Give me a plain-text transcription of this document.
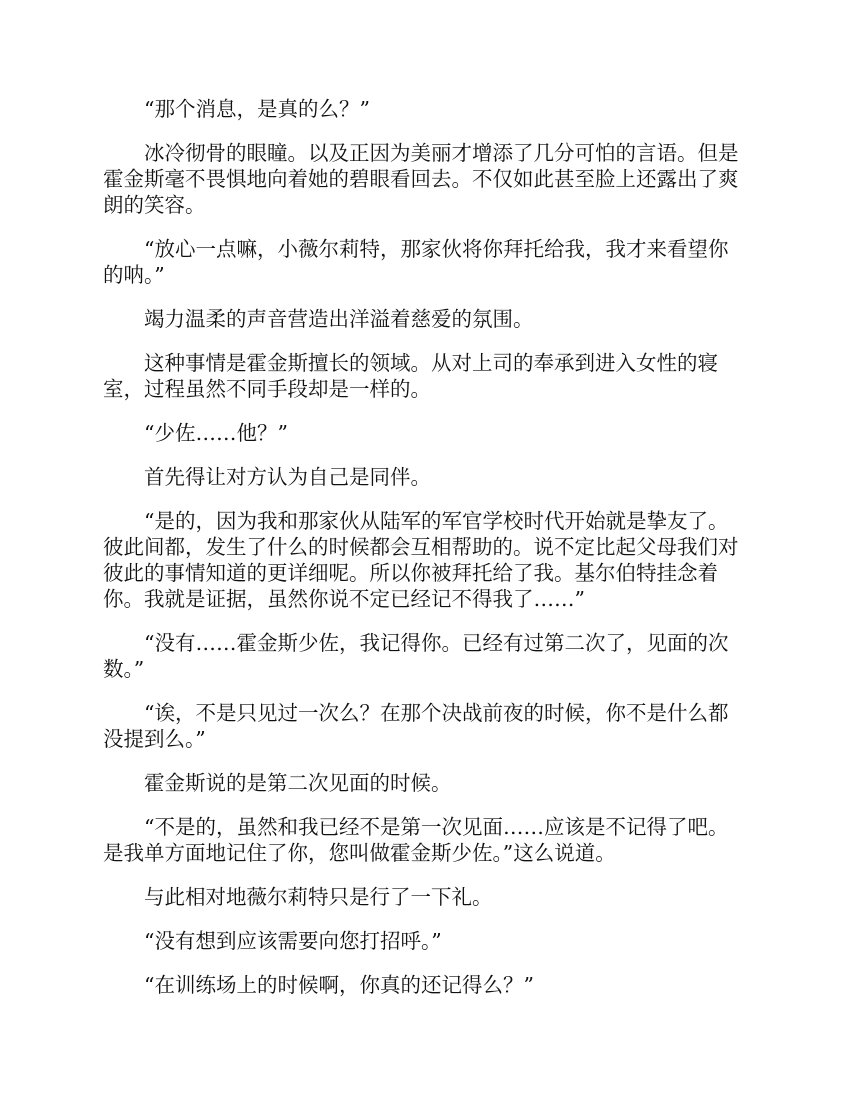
“那个消息，是真的么？”

冰冷彻骨的眼瞳。以及正因为美丽才增添了几分可怕的言语。但是霍金斯毫不畏惧地向着她的碧眼看回去。不仅如此甚至脸上还露出了爽朗的笑容。

“放心一点嘛，小薇尔莉特，那家伙将你拜托给我，我才来看望你的呐。”

竭力温柔的声音营造出洋溢着慈爱的氛围。

这种事情是霍金斯擅长的领域。从对上司的奉承到进入女性的寝室，过程虽然不同手段却是一样的。

“少佐……他？”

首先得让对方认为自己是同伴。

“是的，因为我和那家伙从陆军的军官学校时代开始就是挚友了。彼此间都，发生了什么的时候都会互相帮助的。说不定比起父母我们对彼此的事情知道的更详细呢。所以你被拜托给了我。基尔伯特挂念着你。我就是证据，虽然你说不定已经记不得我了……”

“没有……霍金斯少佐，我记得你。已经有过第二次了，见面的次数。”

“诶，不是只见过一次么？在那个决战前夜的时候，你不是什么都没提到么。”

霍金斯说的是第二次见面的时候。

“不是的，虽然和我已经不是第一次见面……应该是不记得了吧。是我单方面地记住了你，您叫做霍金斯少佐。”这么说道。

与此相对地薇尔莉特只是行了一下礼。

“没有想到应该需要向您打招呼。”

“在训练场上的时候啊，你真的还记得么？”
